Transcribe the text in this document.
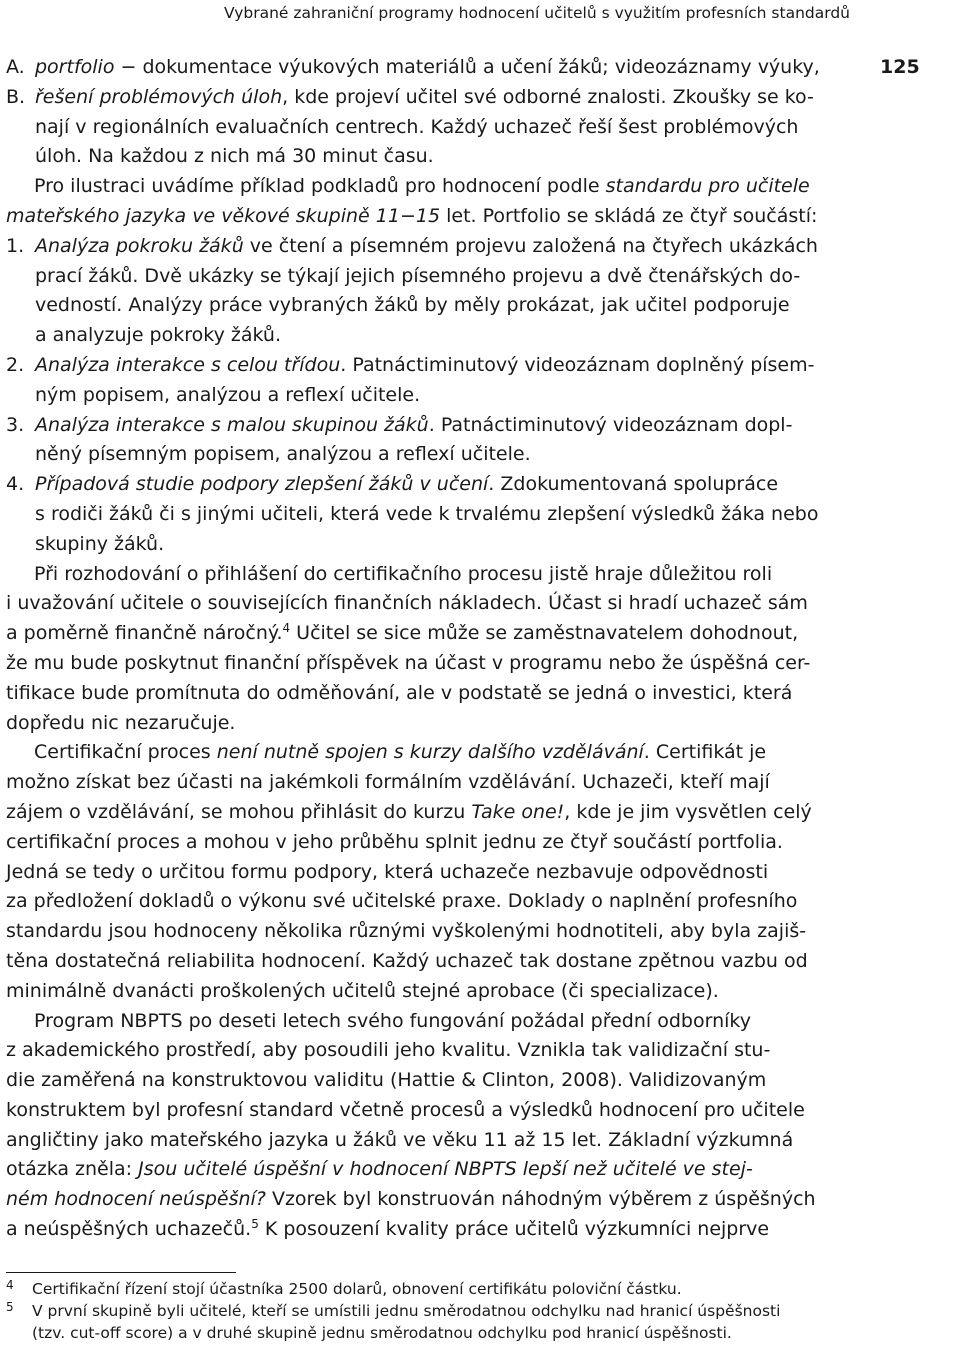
Vybrané zahraniční programy hodnocení učitelů s využitím profesních standardů
125
A. portfolio − dokumentace výukových materiálů a učení žáků; videozáznamy výuky,
B. řešení problémových úloh, kde projeví učitel své odborné znalosti. Zkoušky se ko-
nají v regionálních evaluačních centrech. Každý uchazeč řeší šest problémových
úloh. Na každou z nich má 30 minut času.
Pro ilustraci uvádíme příklad podkladů pro hodnocení podle standardu pro učitele
mateřského jazyka ve věkové skupině 11−15 let. Portfolio se skládá ze čtyř součástí:
1. Analýza pokroku žáků ve čtení a písemném projevu založená na čtyřech ukázkách
prací žáků. Dvě ukázky se týkají jejich písemného projevu a dvě čtenářských do-
vedností. Analýzy práce vybraných žáků by měly prokázat, jak učitel podporuje
a analyzuje pokroky žáků.
2. Analýza interakce s celou třídou. Patnáctiminutový videozáznam doplněný písem-
ným popisem, analýzou a reflexí učitele.
3. Analýza interakce s malou skupinou žáků. Patnáctiminutový videozáznam dopl-
něný písemným popisem, analýzou a reflexí učitele.
4. Případová studie podpory zlepšení žáků v učení. Zdokumentovaná spolupráce
s rodiči žáků či s jinými učiteli, která vede k trvalému zlepšení výsledků žáka nebo
skupiny žáků.
Při rozhodování o přihlášení do certifikačního procesu jistě hraje důležitou roli
i uvažování učitele o souvisejících finančních nákladech. Účast si hradí uchazeč sám
a poměrně finančně náročný.$^4$ Učitel se sice může se zaměstnavatelem dohodnout,
že mu bude poskytnut finanční příspěvek na účast v programu nebo že úspěšná cer-
tifikace bude promítnuta do odměňování, ale v podstatě se jedná o investici, která
dopředu nic nezaručuje.
Certifikační proces není nutně spojen s kurzy dalšího vzdělávání. Certifikát je
možno získat bez účasti na jakémkoli formálním vzdělávání. Uchazeči, kteří mají
zájem o vzdělávání, se mohou přihlásit do kurzu Take one!, kde je jim vysvětlen celý
certifikační proces a mohou v jeho průběhu splnit jednu ze čtyř součástí portfolia.
Jedná se tedy o určitou formu podpory, která uchazeče nezbavuje odpovědnosti
za předložení dokladů o výkonu své učitelské praxe. Doklady o naplnění profesního
standardu jsou hodnoceny několika různými vyškolenými hodnotiteli, aby byla zajiš-
těna dostatečná reliabilita hodnocení. Každý uchazeč tak dostane zpětnou vazbu od
minimálně dvanácti proškolených učitelů stejné aprobace (či specializace).
Program NBPTS po deseti letech svého fungování požádal přední odborníky
z akademického prostředí, aby posoudili jeho kvalitu. Vznikla tak validizační stu-
die zaměřená na konstruktovou validitu (Hattie & Clinton, 2008). Validizovaným
konstruktem byl profesní standard včetně procesů a výsledků hodnocení pro učitele
angličtiny jako mateřského jazyka u žáků ve věku 11 až 15 let. Základní výzkumná
otázka zněla: Jsou učitelé úspěšní v hodnocení NBPTS lepší než učitelé ve stej-
ném hodnocení neúspěšní? Vzorek byl konstruován náhodným výběrem z úspěšných
a neúspěšných uchazečů.$^5$ K posouzení kvality práce učitelů výzkumníci nejprve
4 Certifikační řízení stojí účastníka 2500 dolarů, obnovení certifikátu poloviční částku.
5 V první skupině byli učitelé, kteří se umístili jednu směrodatnou odchylku nad hranicí úspěšnosti
(tzv. cut-off score) a v druhé skupině jednu směrodatnou odchylku pod hranicí úspěšnosti.
